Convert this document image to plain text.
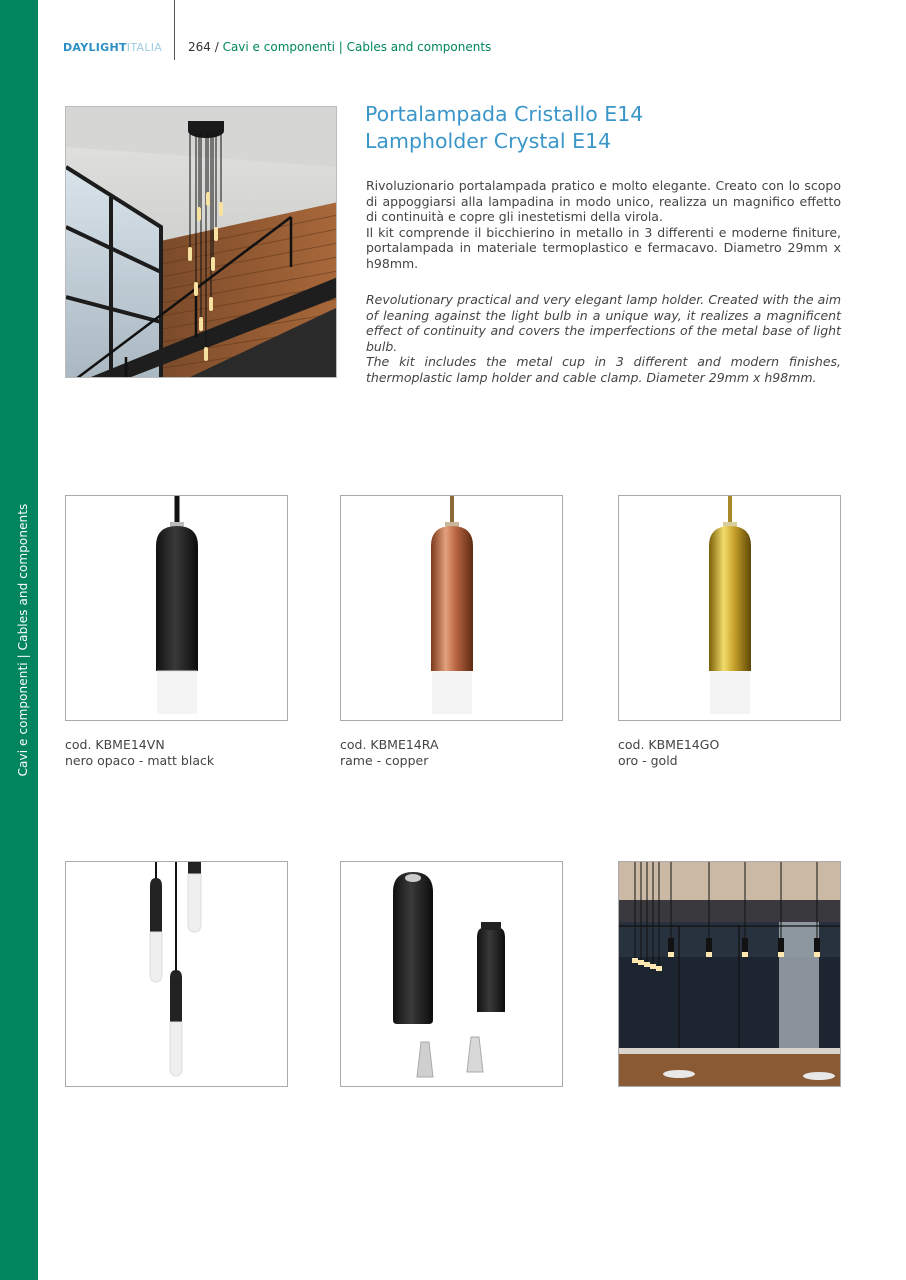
Cavi e componenti | Cables and components
DAYLIGHTITALIA 264 / Cavi e componenti | Cables and components
Portalampada Cristallo E14
Lampholder Crystal E14

Rivoluzionario portalampada pratico e molto elegante. Creato con lo scopo di appoggiarsi alla lampadina in modo unico, realizza un magnifico effetto di continuità e copre gli inestetismi della virola.

Il kit comprende il bicchierino in metallo in 3 differenti e moderne finiture, portalampada in materiale termoplastico e fermacavo. Diametro 29mm x h98mm.

Revolutionary practical and very elegant lamp holder. Created with the aim of leaning against the light bulb in a unique way, it realizes a magnificent effect of continuity and covers the imperfections of the metal base of light bulb.

The kit includes the metal cup in 3 different and modern finishes, thermoplastic lamp holder and cable clamp. Diameter 29mm x h98mm.

cod. KBME14VN
nero opaco - matt black
cod. KBME14RA
rame - copper
cod. KBME14GO
oro - gold
